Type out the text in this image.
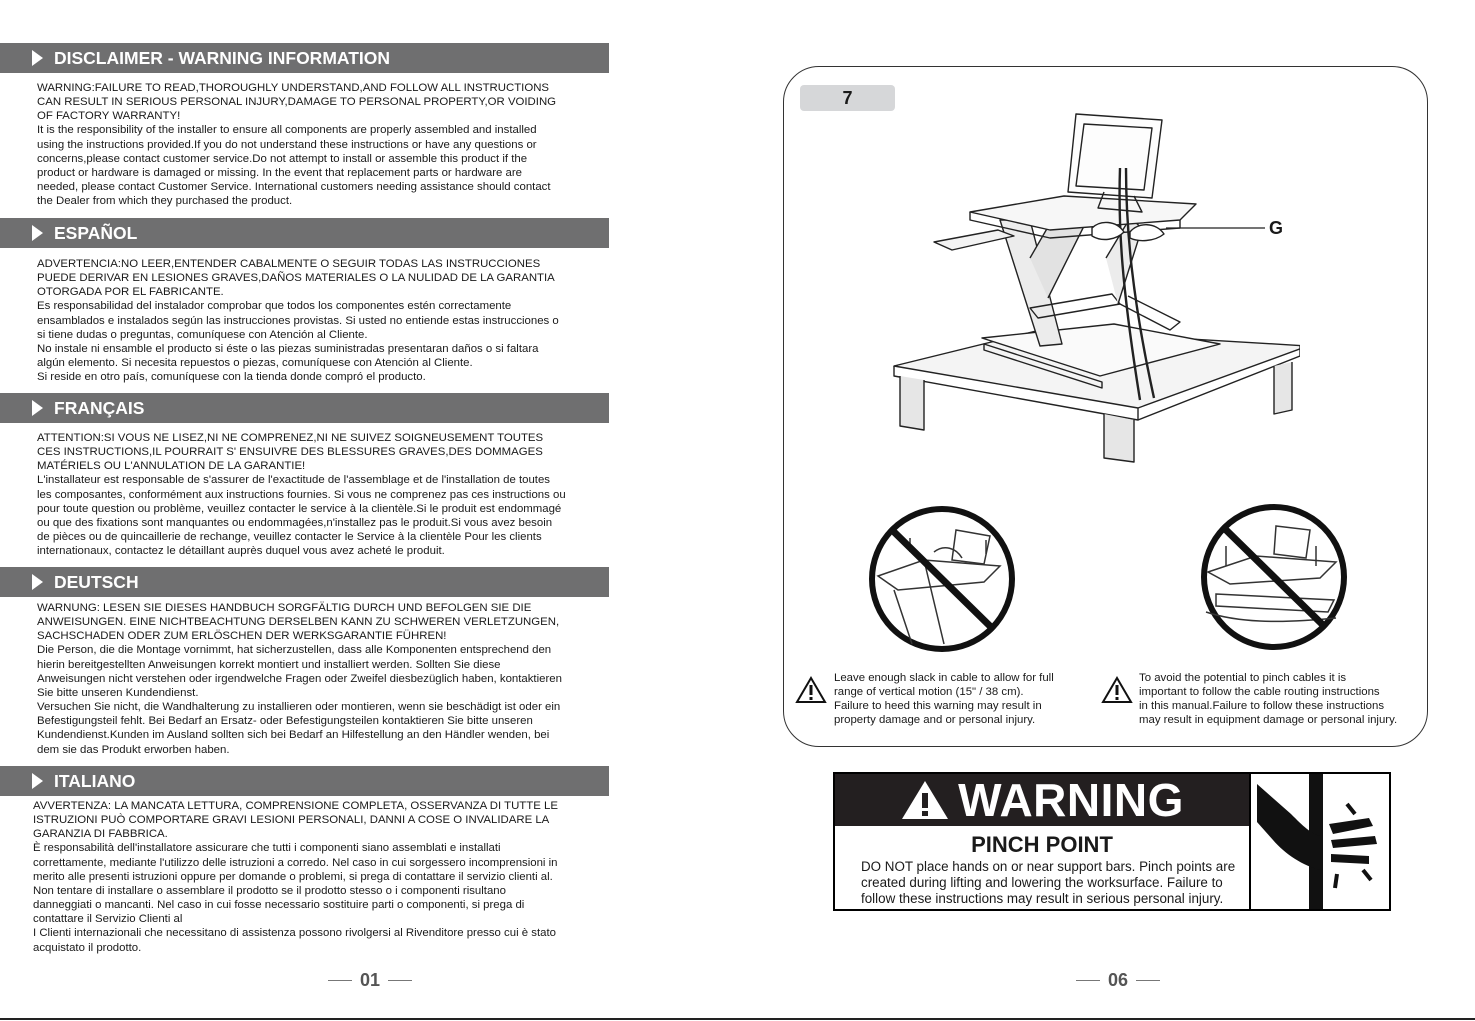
DISCLAIMER - WARNING INFORMATION

WARNING:FAILURE TO READ,THOROUGHLY UNDERSTAND,AND FOLLOW ALL INSTRUCTIONS

CAN RESULT IN SERIOUS PERSONAL INJURY,DAMAGE TO PERSONAL PROPERTY,OR VOIDING

OF FACTORY WARRANTY!

It is the responsibility of the installer to ensure all components are properly assembled and installed

using the instructions provided.If you do not understand these instructions or have any questions or

concerns,please contact customer service.Do not attempt to install or assemble this product if the

product or hardware is damaged or missing. In the event that replacement parts or hardware are

needed, please contact Customer Service. International customers needing assistance should contact

the Dealer from which they purchased the product.

ESPAÑOL

ADVERTENCIA:NO LEER,ENTENDER CABALMENTE O SEGUIR TODAS LAS INSTRUCCIONES

PUEDE DERIVAR EN LESIONES GRAVES,DAÑOS MATERIALES O LA NULIDAD DE LA GARANTIA

OTORGADA POR EL FABRICANTE.

Es responsabilidad del instalador comprobar que todos los componentes estén correctamente

ensamblados e instalados según las instrucciones provistas. Si usted no entiende estas instrucciones o

si tiene dudas o preguntas, comuníquese con Atención al Cliente.

No instale ni ensamble el producto si éste o las piezas suministradas presentaran daños o si faltara

algún elemento. Si necesita repuestos o piezas, comuníquese con Atención al Cliente.

Si reside en otro país, comuníquese con la tienda donde compró el producto.

FRANÇAIS

ATTENTION:SI VOUS NE LISEZ,NI NE COMPRENEZ,NI NE SUIVEZ SOIGNEUSEMENT TOUTES

CES INSTRUCTIONS,IL POURRAIT S' ENSUIVRE DES BLESSURES GRAVES,DES DOMMAGES

MATÉRIELS OU L'ANNULATION DE LA GARANTIE!

L'installateur est responsable de s'assurer de l'exactitude de l'assemblage et de l'installation de toutes

les composantes, conformément aux instructions fournies. Si vous ne comprenez pas ces instructions ou

pour toute question ou problème, veuillez contacter le service à la clientèle.Si le produit est endommagé

ou que des fixations sont manquantes ou endommagées,n'installez pas le produit.Si vous avez besoin

de pièces ou de quincaillerie de rechange, veuillez contacter le Service à la clientèle Pour les clients

internationaux, contactez le détaillant auprès duquel vous avez acheté le produit.

DEUTSCH

WARNUNG: LESEN SIE DIESES HANDBUCH SORGFÄLTIG DURCH UND BEFOLGEN SIE DIE

ANWEISUNGEN. EINE NICHTBEACHTUNG DERSELBEN KANN ZU SCHWEREN VERLETZUNGEN,

SACHSCHADEN ODER ZUM ERLÖSCHEN DER WERKSGARANTIE FÜHREN!

Die Person, die die Montage vornimmt, hat sicherzustellen, dass alle Komponenten entsprechend den

hierin bereitgestellten Anweisungen korrekt montiert und installiert werden. Sollten Sie diese

Anweisungen nicht verstehen oder irgendwelche Fragen oder Zweifel diesbezüglich haben, kontaktieren

Sie bitte unseren Kundendienst.

Versuchen Sie nicht, die Wandhalterung zu installieren oder montieren, wenn sie beschädigt ist oder ein

Befestigungsteil fehlt. Bei Bedarf an Ersatz- oder Befestigungsteilen kontaktieren Sie bitte unseren

Kundendienst.Kunden im Ausland sollten sich bei Bedarf an Hilfestellung an den Händler wenden, bei

dem sie das Produkt erworben haben.

ITALIANO

AVVERTENZA: LA MANCATA LETTURA, COMPRENSIONE COMPLETA, OSSERVANZA DI TUTTE LE

ISTRUZIONI PUÒ COMPORTARE GRAVI LESIONI PERSONALI, DANNI A COSE O INVALIDARE LA

GARANZIA DI FABBRICA.

È responsabilità dell'installatore assicurare che tutti i componenti siano assemblati e installati

correttamente, mediante l'utilizzo delle istruzioni a corredo. Nel caso in cui sorgessero incomprensioni in

merito alle presenti istruzioni oppure per domande o problemi, si prega di contattare il servizio clienti al.

Non tentare di installare o assemblare il prodotto se il prodotto stesso o i componenti risultano

danneggiati o mancanti. Nel caso in cui fosse necessario sostituire parti o componenti, si prega di

contattare il Servizio Clienti al

I Clienti internazionali che necessitano di assistenza possono rivolgersi al Rivenditore presso cui è stato

acquistato il prodotto.

01
7
G
Leave enough slack in cable to allow for full
range of vertical motion (15" / 38 cm).
Failure to heed this warning may result in
property damage and or personal injury.
To avoid the potential to pinch cables it is
important to follow the cable routing instructions
in this manual.Failure to follow these instructions
may result in equipment damage or personal injury.
WARNING
PINCH POINT
DO NOT place hands on or near support bars. Pinch points are
created during lifting and lowering the worksurface. Failure to
follow these instructions may result in serious personal injury.
06
